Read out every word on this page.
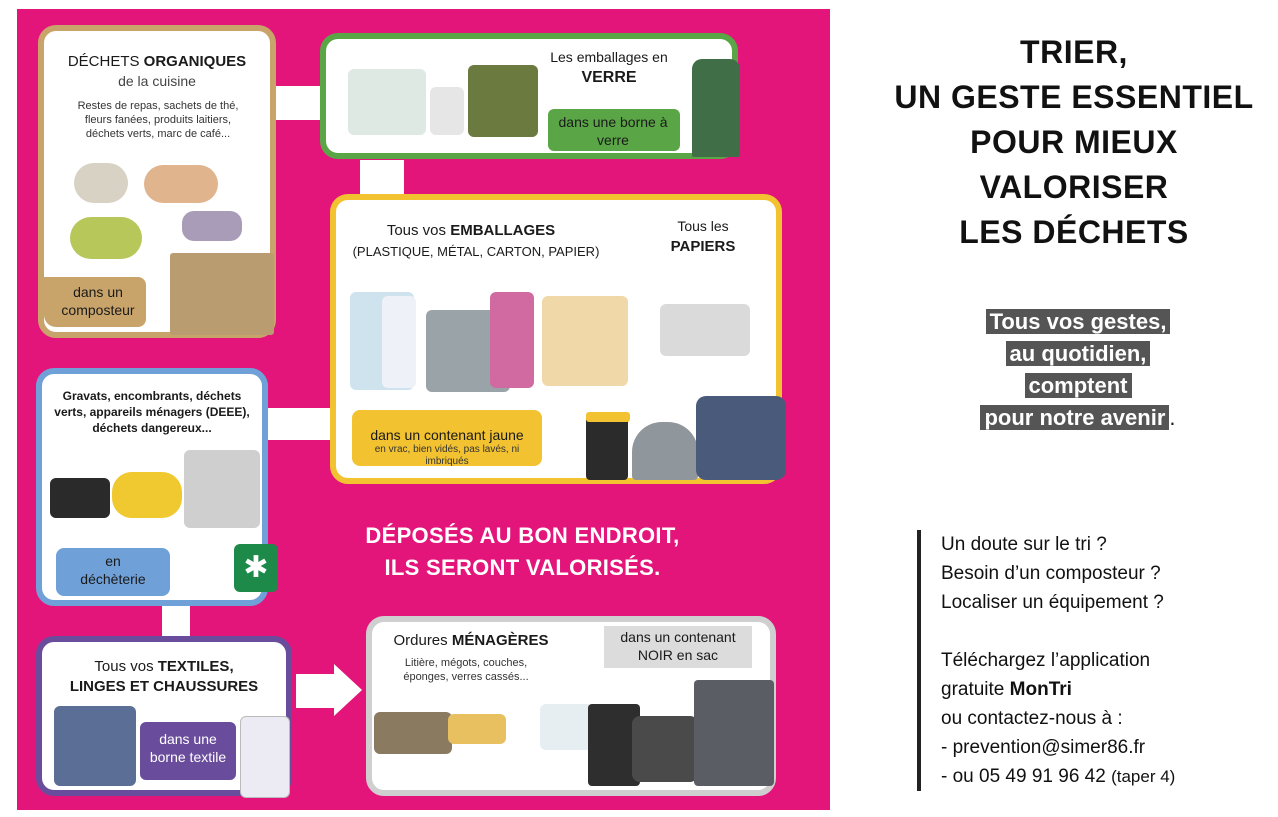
DÉCHETS ORGANIQUES
de la cuisine
Restes de repas, sachets de thé, fleurs fanées, produits laitiers, déchets verts, marc de café...
dans un composteur
Les emballages en
VERRE
dans une borne à verre
Tous vos EMBALLAGES
(PLASTIQUE, MÉTAL, CARTON, PAPIER)
Tous les
PAPIERS
dans un contenant jaune
en vrac, bien vidés, pas lavés, ni imbriqués
Gravats, encombrants, déchets verts, appareils ménagers (DEEE), déchets dangereux...
en
déchèterie	✱
DÉPOSÉS AU BON ENDROIT,
ILS SERONT VALORISÉS.
Tous vos TEXTILES,
LINGES ET CHAUSSURES
dans une borne textile
Ordures MÉNAGÈRES
Litière, mégots, couches, éponges, verres cassés...
dans un contenant
NOIR en sac
TRIER,
UN GESTE ESSENTIEL
POUR MIEUX
VALORISER
LES DÉCHETS
Tous vos gestes,
au quotidien,
comptent
pour notre avenir .
Un doute sur le tri ?
Besoin d’un composteur ?
Localiser un équipement ?
Téléchargez l’application
gratuite MonTri
ou contactez-nous à :
- prevention@simer86.fr
- ou 05 49 91 96 42 (taper 4)
